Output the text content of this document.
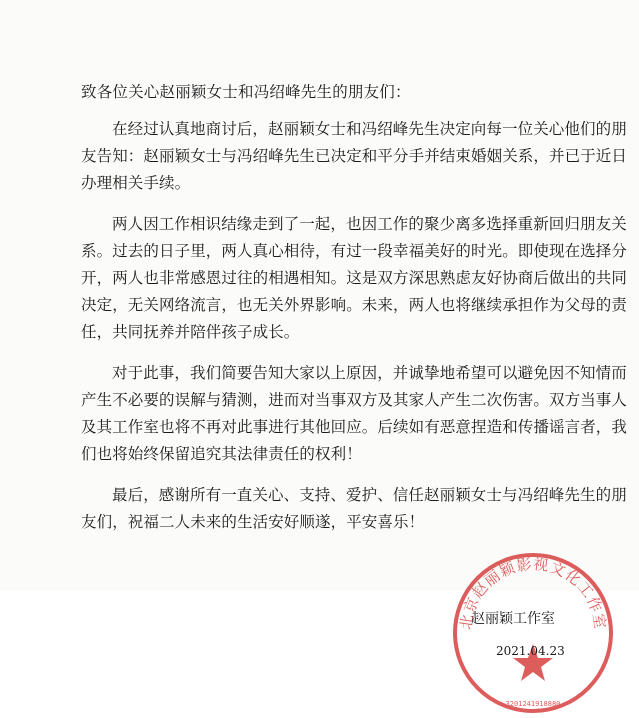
致各位关心赵丽颖女士和冯绍峰先生的朋友们：
在经过认真地商讨后，赵丽颖女士和冯绍峰先生决定向每一位关心他们的朋
友告知：赵丽颖女士与冯绍峰先生已决定和平分手并结束婚姻关系，并已于近日
办理相关手续。
两人因工作相识结缘走到了一起，也因工作的聚少离多选择重新回归朋友关
系。过去的日子里，两人真心相待，有过一段幸福美好的时光。即使现在选择分
开，两人也非常感恩过往的相遇相知。这是双方深思熟虑友好协商后做出的共同
决定，无关网络流言，也无关外界影响。未来，两人也将继续承担作为父母的责
任，共同抚养并陪伴孩子成长。
对于此事，我们简要告知大家以上原因，并诚挚地希望可以避免因不知情而
产生不必要的误解与猜测，进而对当事双方及其家人产生二次伤害。双方当事人
及其工作室也将不再对此事进行其他回应。后续如有恶意捏造和传播谣言者，我
们也将始终保留追究其法律责任的权利！
最后，感谢所有一直关心、支持、爱护、信任赵丽颖女士与冯绍峰先生的朋
友们，祝福二人未来的生活安好顺遂，平安喜乐！
北京赵丽颖影视文化工作室
3201241918880
赵丽颖工作室
2021.04.23
